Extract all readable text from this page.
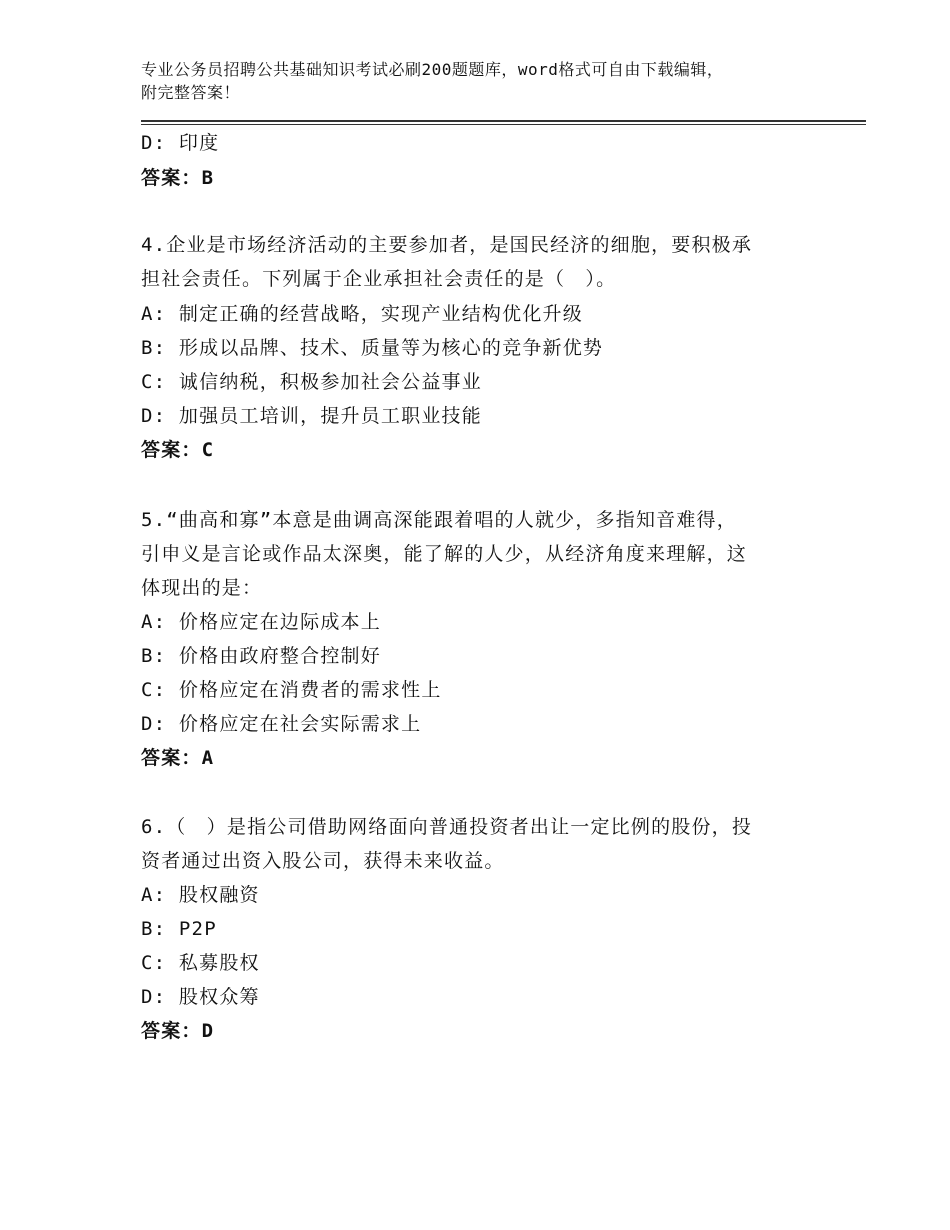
专业公务员招聘公共基础知识考试必刷200题题库，word格式可自由下载编辑，
附完整答案！
D: 印度
答案：B
4.企业是市场经济活动的主要参加者，是国民经济的细胞，要积极承
担社会责任。下列属于企业承担社会责任的是（　）。
A: 制定正确的经营战略，实现产业结构优化升级
B: 形成以品牌、技术、质量等为核心的竞争新优势
C: 诚信纳税，积极参加社会公益事业
D: 加强员工培训，提升员工职业技能
答案：C
5.“曲高和寡”本意是曲调高深能跟着唱的人就少，多指知音难得，
引申义是言论或作品太深奥，能了解的人少，从经济角度来理解，这
体现出的是：
A: 价格应定在边际成本上
B: 价格由政府整合控制好
C: 价格应定在消费者的需求性上
D: 价格应定在社会实际需求上
答案：A
6.（　）是指公司借助网络面向普通投资者出让一定比例的股份，投
资者通过出资入股公司，获得未来收益。
A: 股权融资
B: P2P
C: 私募股权
D: 股权众筹
答案：D
